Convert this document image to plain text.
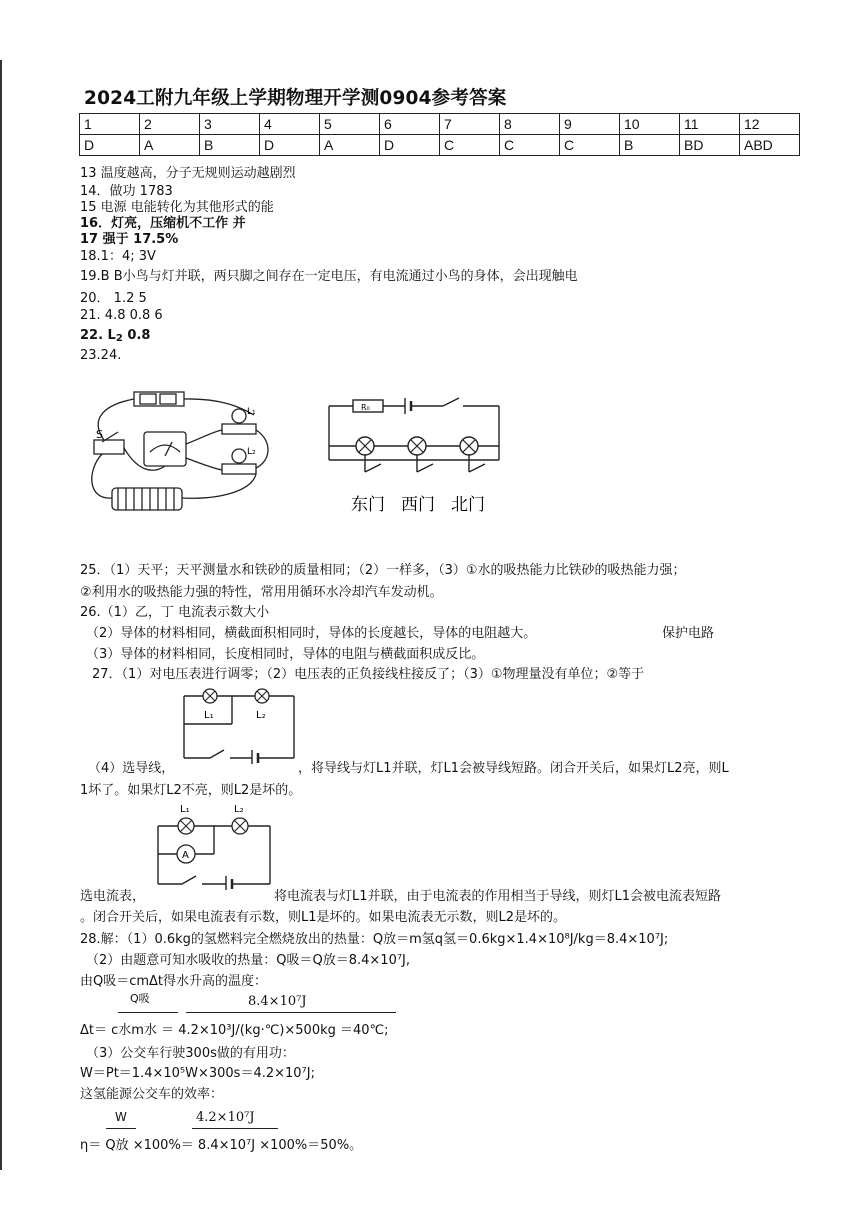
2024工附九年级上学期物理开学测0904参考答案
1	2	3	4	5	6	7	8	9	10	11	12
D	A	B	D	A	D	C	C	C	B	BD	ABD
13 温度越高，分子无规则运动越剧烈
14．做功 1783
15 电源 电能转化为其他形式的能
16．灯亮，压缩机不工作 并
17 强于 17.5%
18.1：4; 3V
19.B B小鸟与灯并联，两只脚之间存在一定电压，有电流通过小鸟的身体，会出现触电
20． 1.2 5
21. 4.8 0.8 6
22. $L_2$ 0.8
23.24.
S
L₁
L₂
R₀
东门 西门 北门
25．（1）天平；天平测量水和铁砂的质量相同；（2）一样多，（3）①水的吸热能力比铁砂的吸热能力强；
②利用水的吸热能力强的特性，常用用循环水冷却汽车发动机。
26.（1）乙，丁 电流表示数大小
（2）导体的材料相同，横截面积相同时，导体的长度越长，导体的电阻越大。	保护电路
（3）导体的材料相同，长度相同时，导体的电阻与横截面积成反比。
27．（1）对电压表进行调零；（2）电压表的正负接线柱接反了；（3）①物理量没有单位；②等于
L₁	L₂
（4）选导线，	，将导线与灯L1并联，灯L1会被导线短路。闭合开关后，如果灯L2亮，则L
1坏了。如果灯L2不亮，则L2是坏的。
L₁	L₂
A
选电流表，	将电流表与灯L1并联，由于电流表的作用相当于导线，则灯L1会被电流表短路
。闭合开关后，如果电流表有示数，则L1是坏的。如果电流表无示数，则L2是坏的。
28.解：（1）0.6kg的氢燃料完全燃烧放出的热量：Q放＝m氢q氢＝0.6kg×1.4×10⁸J/kg＝8.4×10⁷J;
（2）由题意可知水吸收的热量：Q吸＝Q放＝8.4×10⁷J,
由Q吸＝cmΔt得水升高的温度：
Q吸	8.4×10⁷J
Δt＝ c水m水 ＝ 4.2×10³J/(kg·℃)×500kg ＝40℃;
（3）公交车行驶300s做的有用功：
W＝Pt＝1.4×10⁵W×300s＝4.2×10⁷J;
这氢能源公交车的效率：
W	4.2×10⁷J
η＝ Q放 ×100%＝ 8.4×10⁷J ×100%＝50%。
